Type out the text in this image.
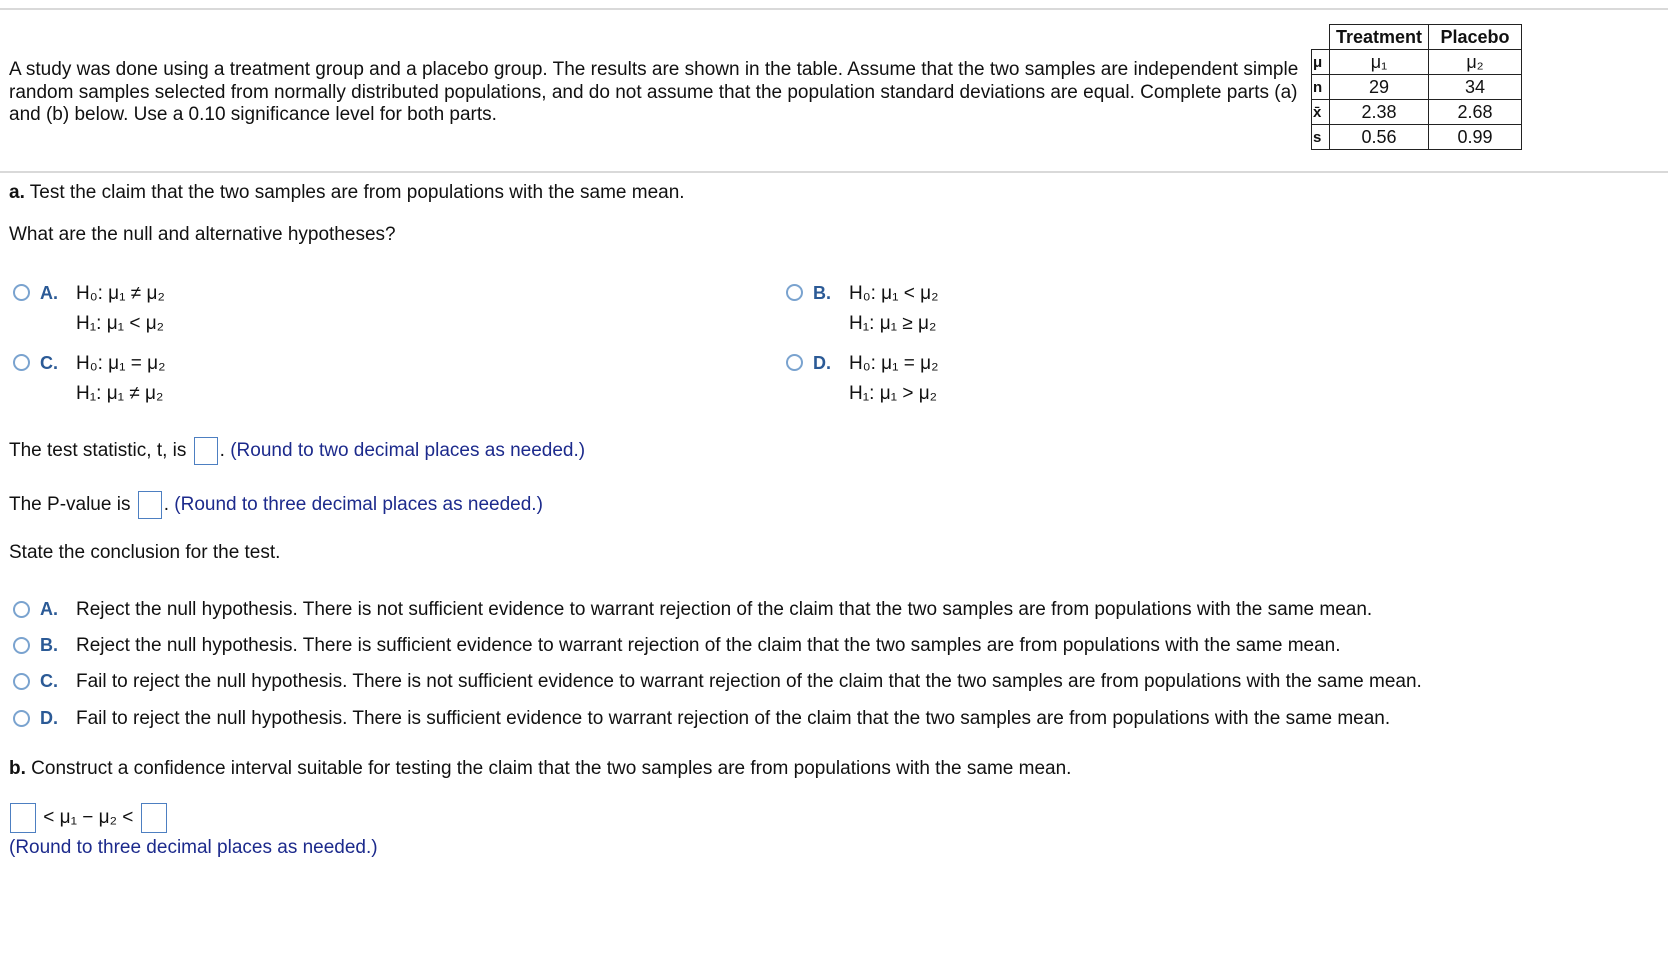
A study was done using a treatment group and a placebo group. The results are shown in the table. Assume that the two samples are independent simple random samples selected from normally distributed populations, and do not assume that the population standard deviations are equal. Complete parts (a) and (b) below. Use a 0.10 significance level for both parts.
	Treatment	Placebo
μ	μ₁	μ₂
n	29	34
x̄	2.38	2.68
s	0.56	0.99
a. Test the claim that the two samples are from populations with the same mean.
What are the null and alternative hypotheses?
A. H₀: μ₁ ≠ μ₂
H₁: μ₁ < μ₂
B. H₀: μ₁ < μ₂
H₁: μ₁ ≥ μ₂
C. H₀: μ₁ = μ₂
H₁: μ₁ ≠ μ₂
D. H₀: μ₁ = μ₂
H₁: μ₁ > μ₂
The test statistic, t, is . (Round to two decimal places as needed.)
The P-value is . (Round to three decimal places as needed.)
State the conclusion for the test.
A. Reject the null hypothesis. There is not sufficient evidence to warrant rejection of the claim that the two samples are from populations with the same mean.
B. Reject the null hypothesis. There is sufficient evidence to warrant rejection of the claim that the two samples are from populations with the same mean.
C. Fail to reject the null hypothesis. There is not sufficient evidence to warrant rejection of the claim that the two samples are from populations with the same mean.
D. Fail to reject the null hypothesis. There is sufficient evidence to warrant rejection of the claim that the two samples are from populations with the same mean.
b. Construct a confidence interval suitable for testing the claim that the two samples are from populations with the same mean.
< μ₁ − μ₂ <
(Round to three decimal places as needed.)
